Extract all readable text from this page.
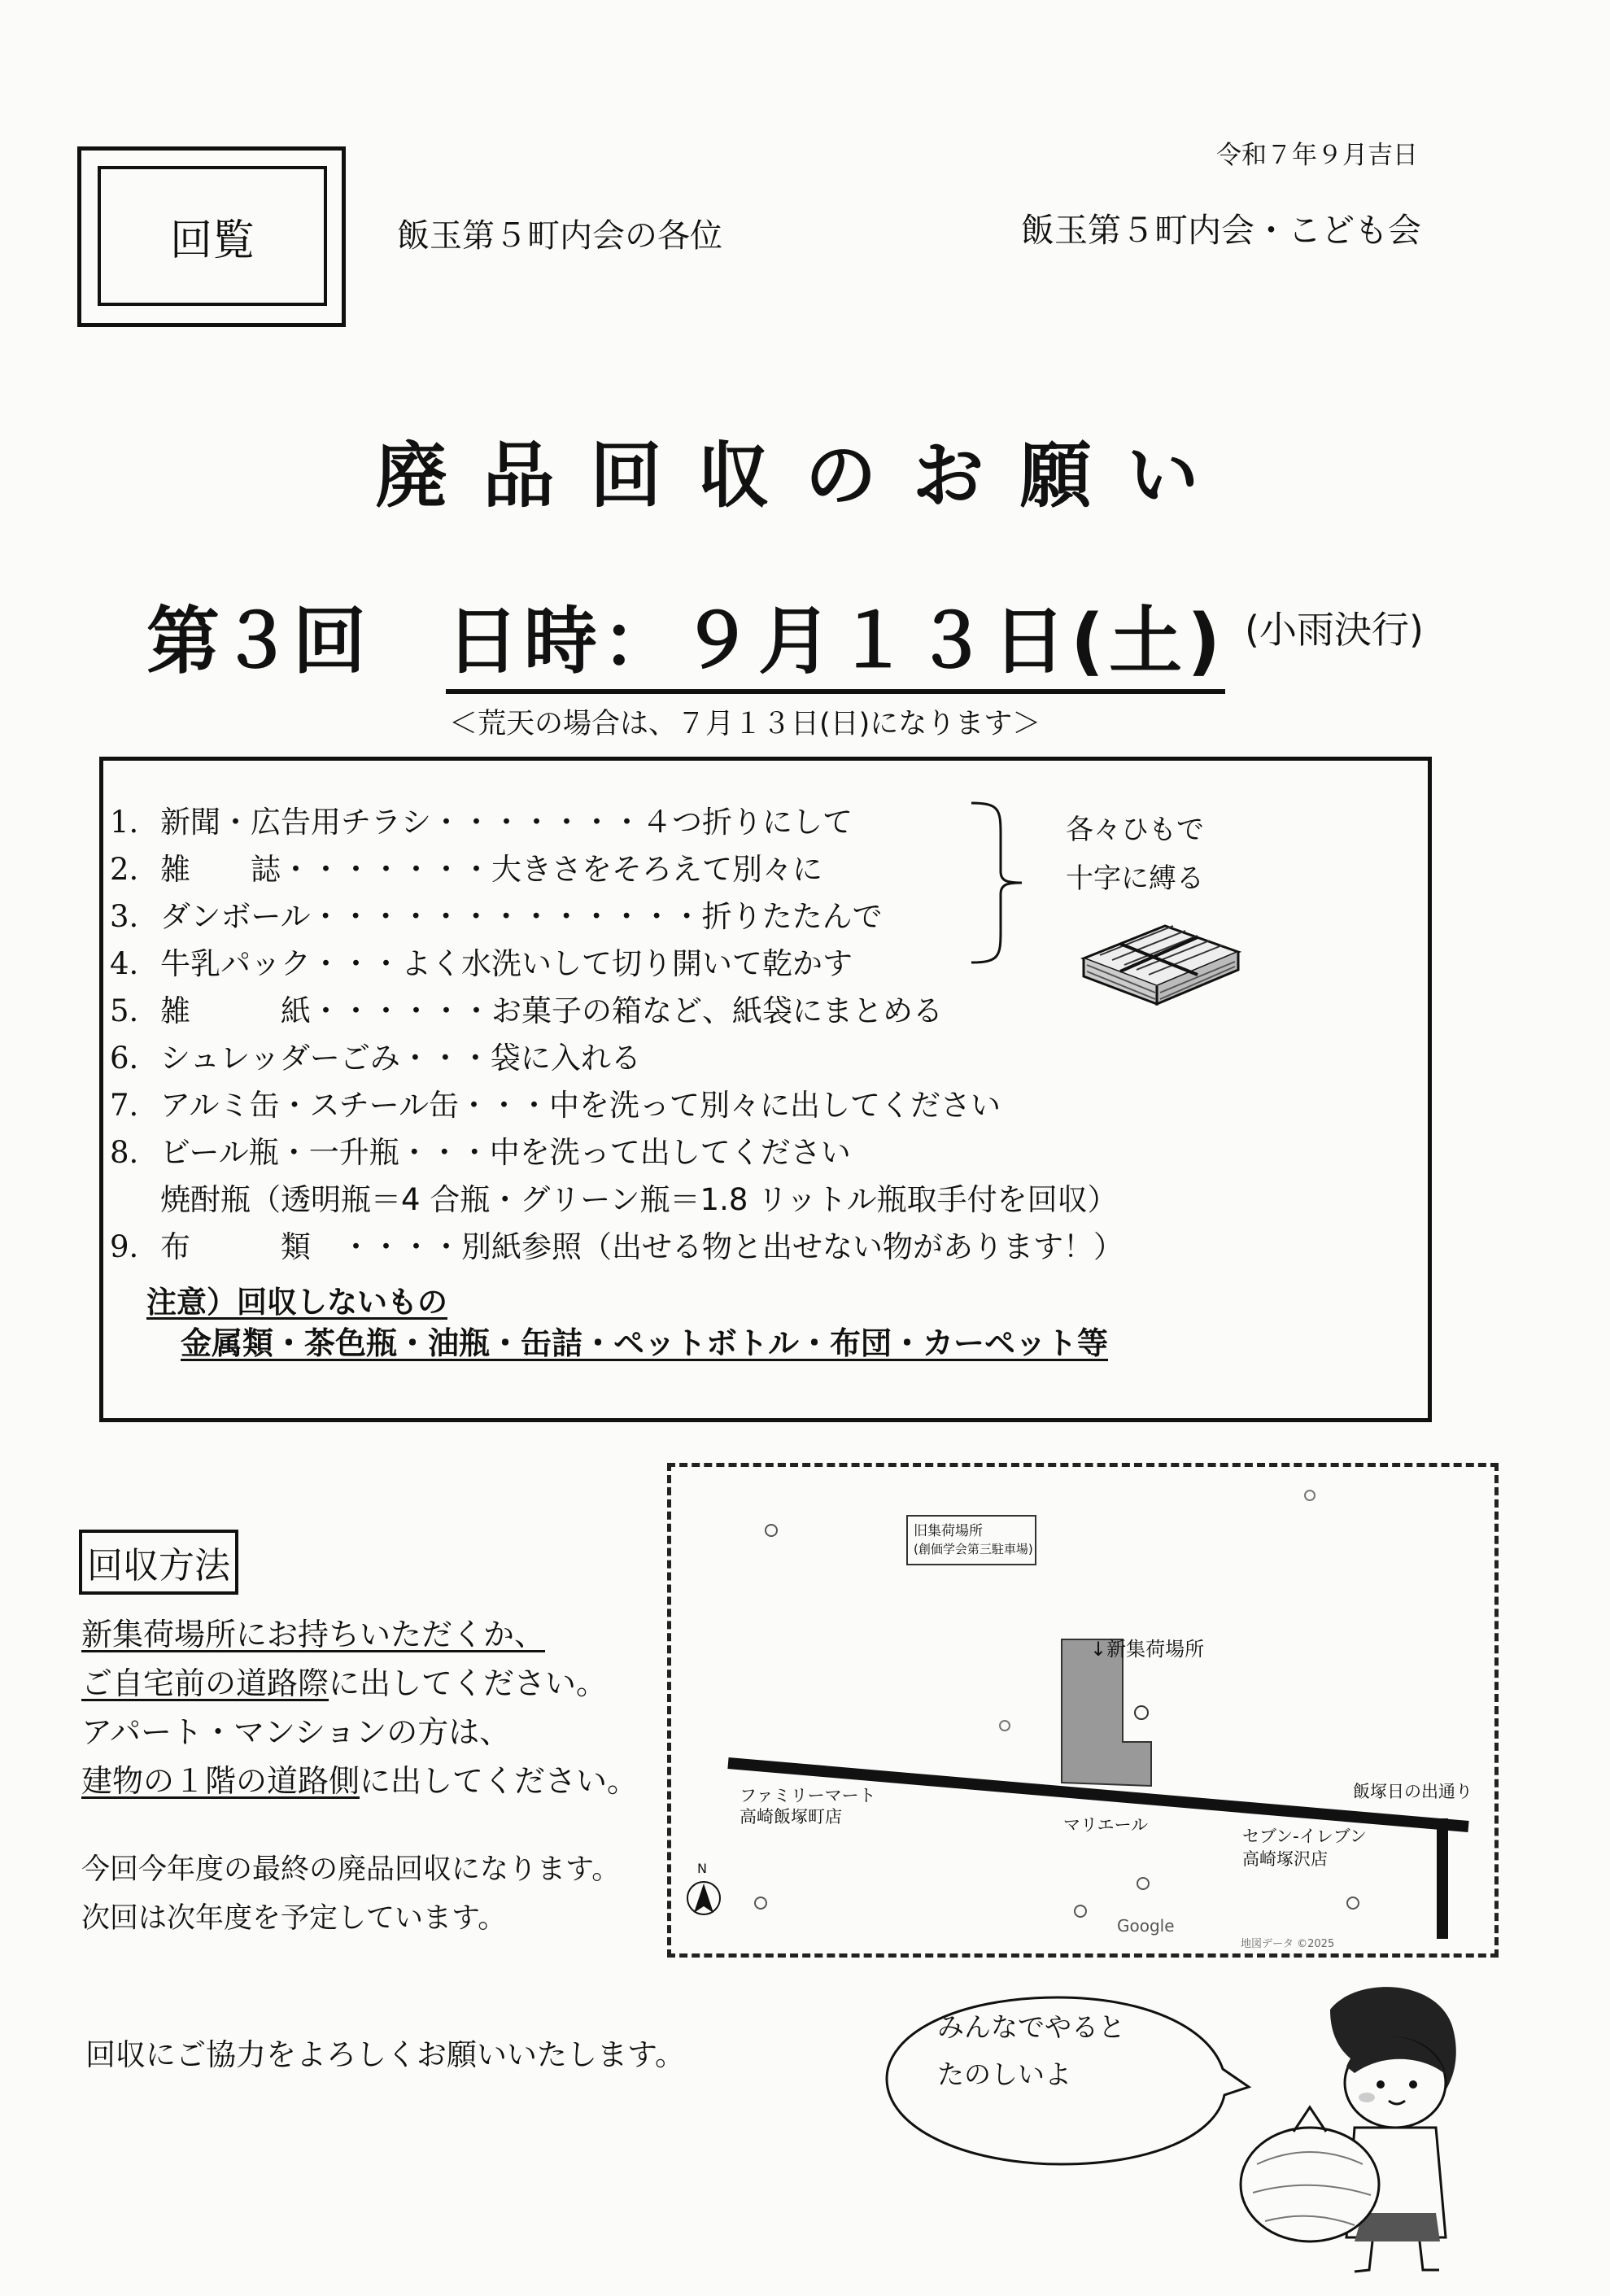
回覧	飯玉第５町内会の各位
令和７年９月吉日
飯玉第５町内会・こども会
廃品回収のお願い
第３回 日時：９月１３日(土) (小雨決行)
＜荒天の場合は、７月１３日(日)になります＞
1. 新聞・広告用チラシ・・・・・・・４つ折りにして
2. 雑　　誌・・・・・・・大きさをそろえて別々に
3. ダンボール・・・・・・・・・・・・・折りたたんで
4. 牛乳パック・・・よく水洗いして切り開いて乾かす
5. 雑　　　紙・・・・・・お菓子の箱など、紙袋にまとめる
6. シュレッダーごみ・・・袋に入れる
7. アルミ缶・スチール缶・・・中を洗って別々に出してください
8. ビール瓶・一升瓶・・・中を洗って出してください
焼酎瓶（透明瓶＝4 合瓶・グリーン瓶＝1.8 リットル瓶取手付を回収）
9. 布　　　類　・・・・別紙参照（出せる物と出せない物があります！）
各々ひもで
十字に縛る
注意）回収しないもの
金属類・茶色瓶・油瓶・缶詰・ペットボトル・布団・カーペット等
回収方法
新集荷場所にお持ちいただくか、
ご自宅前の道路際に出してください。
アパート・マンションの方は、
建物の１階の道路側に出してください。
今回今年度の最終の廃品回収になります。
次回は次年度を予定しています。
回収にご協力をよろしくお願いいたします。
旧集荷場所
(創価学会第三駐車場)
↓新集荷場所
ファミリーマート
高崎飯塚町店	マリエール
セブン-イレブン
高崎塚沢店
飯塚日の出通り
N
Google
地図データ ©2025
みんなでやると
たのしいよ
